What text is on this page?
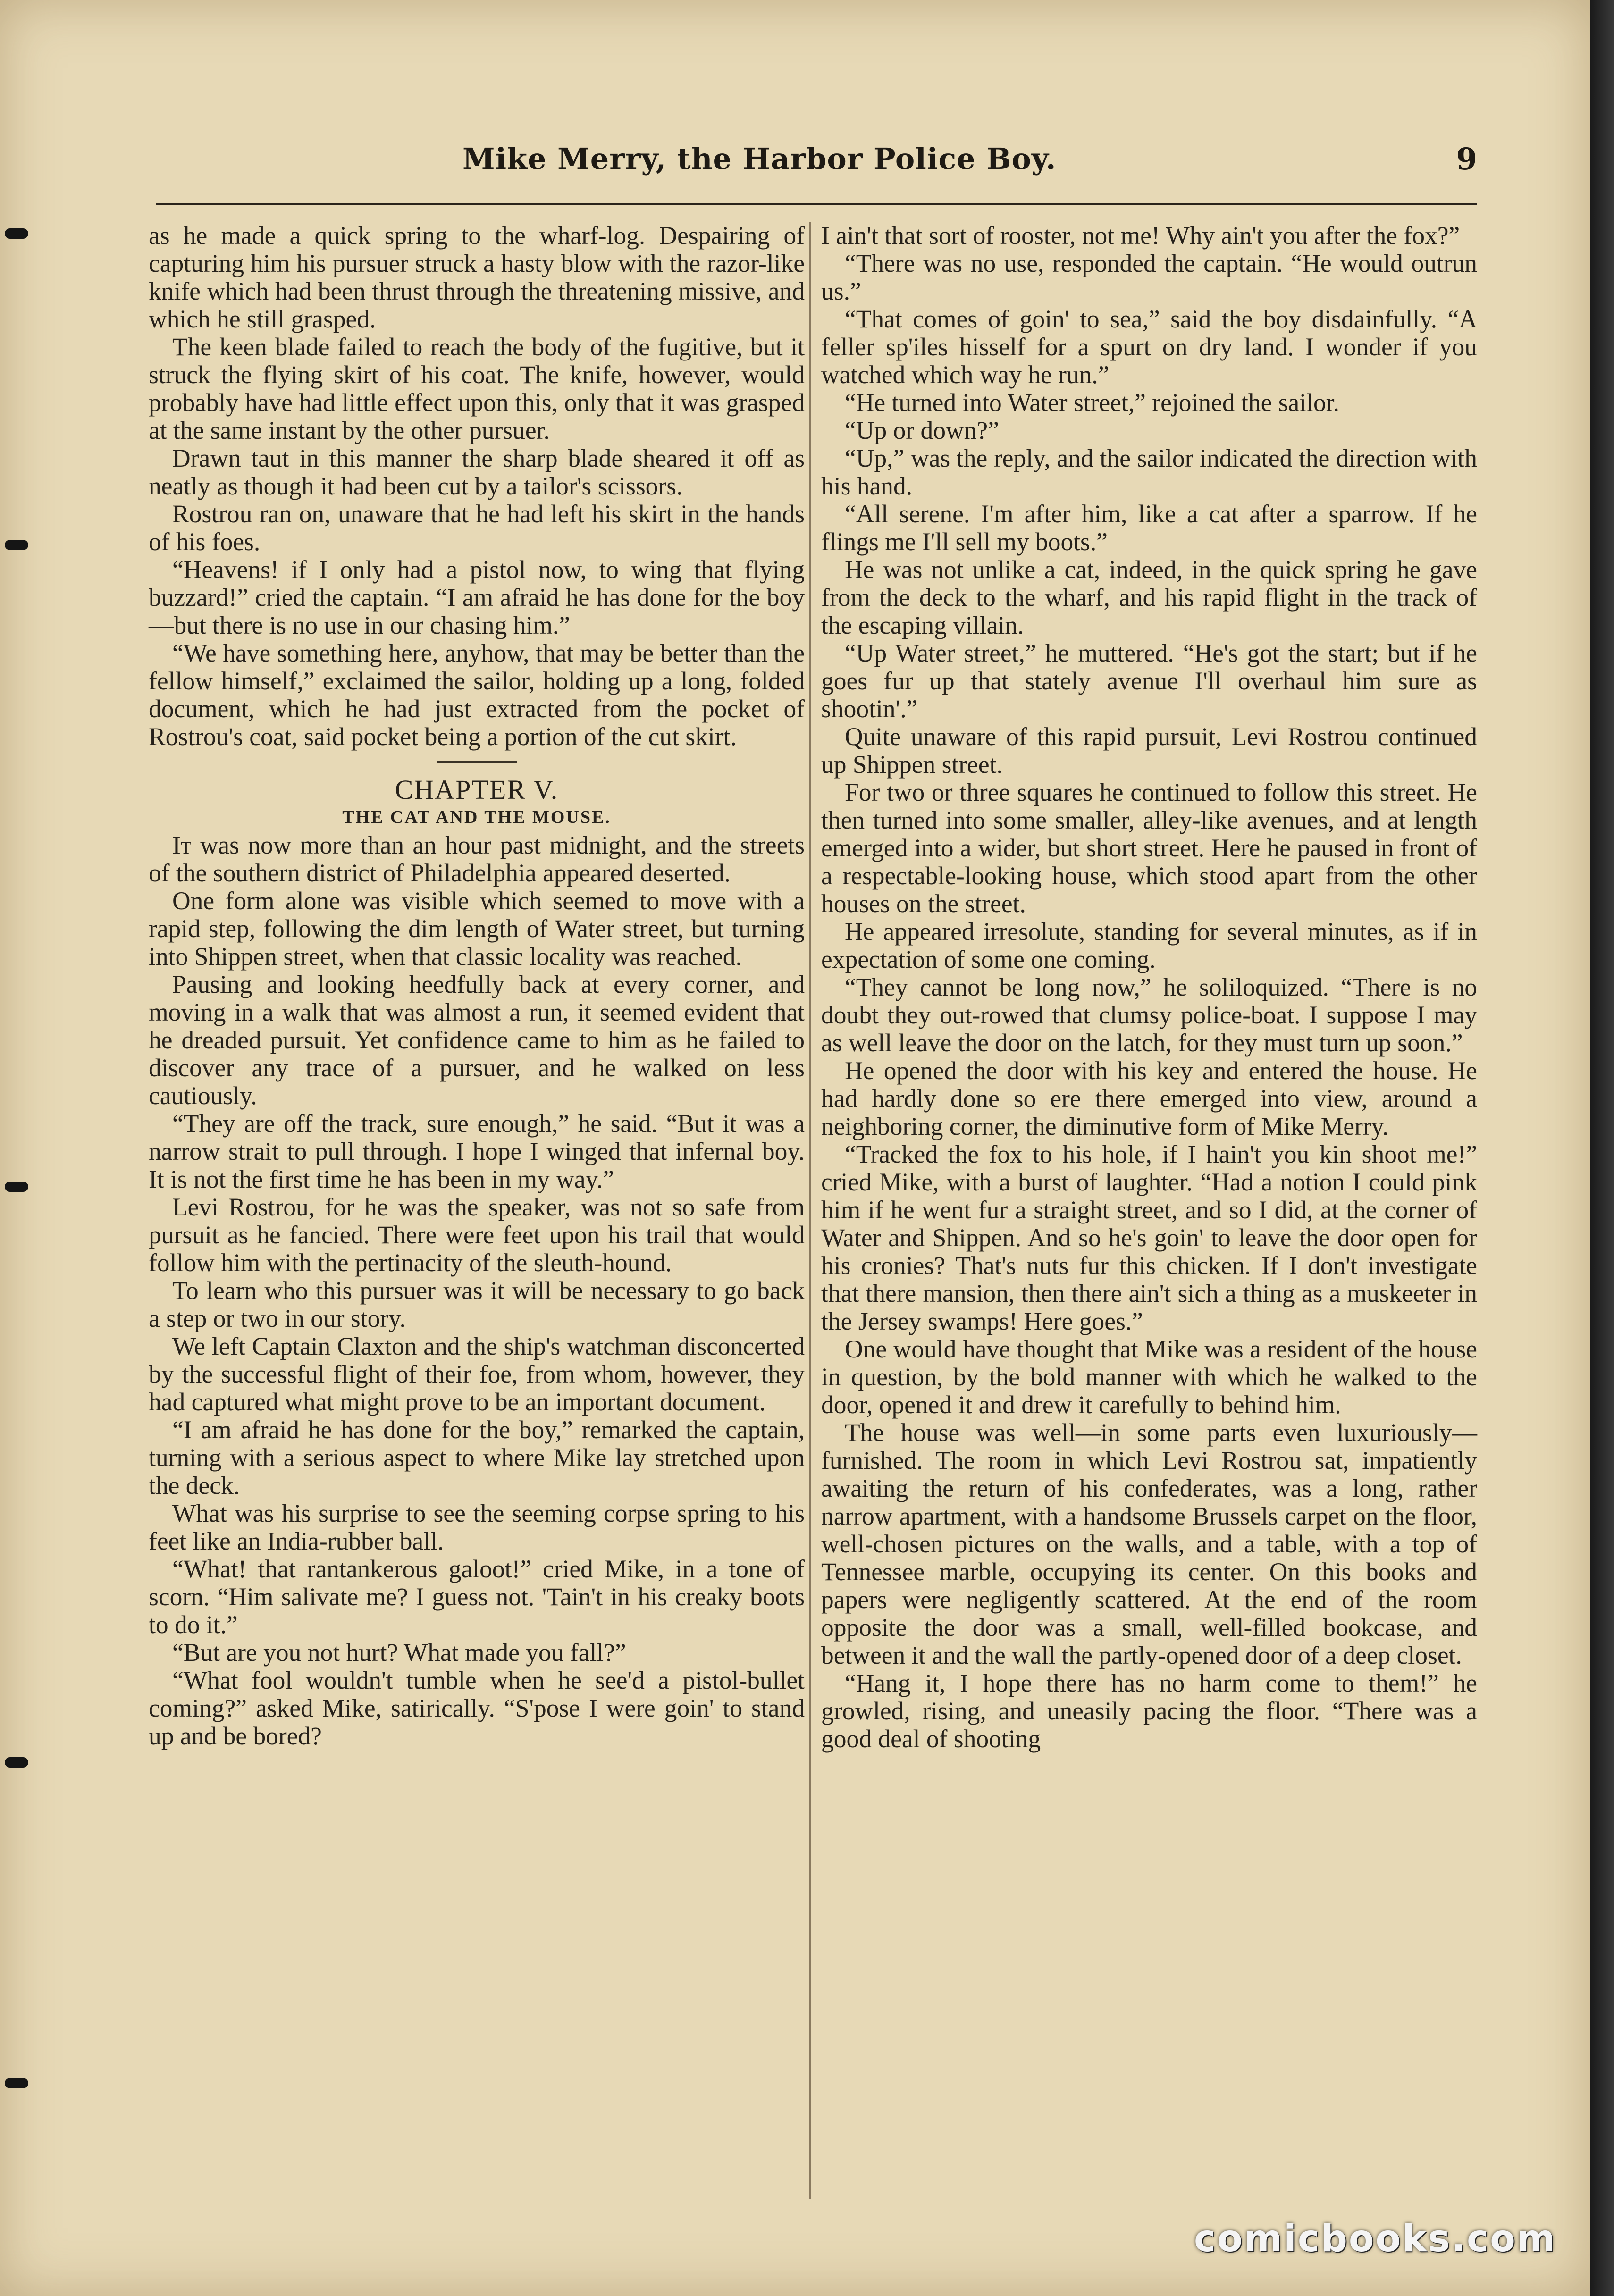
Mike Merry, the Harbor Police Boy.	9

as he made a quick spring to the wharf-log. Despairing of capturing him his pursuer struck a hasty blow with the razor-like knife which had been thrust through the threatening missive, and which he still grasped.

The keen blade failed to reach the body of the fugitive, but it struck the flying skirt of his coat. The knife, however, would probably have had little effect upon this, only that it was grasped at the same instant by the other pursuer.

Drawn taut in this manner the sharp blade sheared it off as neatly as though it had been cut by a tailor's scissors.

Rostrou ran on, unaware that he had left his skirt in the hands of his foes.

“Heavens! if I only had a pistol now, to wing that flying buzzard!” cried the captain. “I am afraid he has done for the boy—but there is no use in our chasing him.”

“We have something here, anyhow, that may be better than the fellow himself,” exclaimed the sailor, holding up a long, folded document, which he had just extracted from the pocket of Rostrou's coat, said pocket being a portion of the cut skirt.

CHAPTER V.

THE CAT AND THE MOUSE.

It was now more than an hour past midnight, and the streets of the southern district of Philadelphia appeared deserted.

One form alone was visible which seemed to move with a rapid step, following the dim length of Water street, but turning into Shippen street, when that classic locality was reached.

Pausing and looking heedfully back at every corner, and moving in a walk that was almost a run, it seemed evident that he dreaded pursuit. Yet confidence came to him as he failed to discover any trace of a pursuer, and he walked on less cautiously.

“They are off the track, sure enough,” he said. “But it was a narrow strait to pull through. I hope I winged that infernal boy. It is not the first time he has been in my way.”

Levi Rostrou, for he was the speaker, was not so safe from pursuit as he fancied. There were feet upon his trail that would follow him with the pertinacity of the sleuth-hound.

To learn who this pursuer was it will be necessary to go back a step or two in our story.

We left Captain Claxton and the ship's watchman disconcerted by the successful flight of their foe, from whom, however, they had captured what might prove to be an important document.

“I am afraid he has done for the boy,” remarked the captain, turning with a serious aspect to where Mike lay stretched upon the deck.

What was his surprise to see the seeming corpse spring to his feet like an India-rubber ball.

“What! that rantankerous galoot!” cried Mike, in a tone of scorn. “Him salivate me? I guess not. 'Tain't in his creaky boots to do it.”

“But are you not hurt? What made you fall?”

“What fool wouldn't tumble when he see'd a pistol-bullet coming?” asked Mike, satirically. “S'pose I were goin' to stand up and be bored?

I ain't that sort of rooster, not me! Why ain't you after the fox?”

“There was no use, responded the captain. “He would outrun us.”

“That comes of goin' to sea,” said the boy disdainfully. “A feller sp'iles hisself for a spurt on dry land. I wonder if you watched which way he run.”

“He turned into Water street,” rejoined the sailor.

“Up or down?”

“Up,” was the reply, and the sailor indicated the direction with his hand.

“All serene. I'm after him, like a cat after a sparrow. If he flings me I'll sell my boots.”

He was not unlike a cat, indeed, in the quick spring he gave from the deck to the wharf, and his rapid flight in the track of the escaping villain.

“Up Water street,” he muttered. “He's got the start; but if he goes fur up that stately avenue I'll overhaul him sure as shootin'.”

Quite unaware of this rapid pursuit, Levi Rostrou continued up Shippen street.

For two or three squares he continued to follow this street. He then turned into some smaller, alley-like avenues, and at length emerged into a wider, but short street. Here he paused in front of a respectable-looking house, which stood apart from the other houses on the street.

He appeared irresolute, standing for several minutes, as if in expectation of some one coming.

“They cannot be long now,” he soliloquized. “There is no doubt they out-rowed that clumsy police-boat. I suppose I may as well leave the door on the latch, for they must turn up soon.”

He opened the door with his key and entered the house. He had hardly done so ere there emerged into view, around a neighboring corner, the diminutive form of Mike Merry.

“Tracked the fox to his hole, if I hain't you kin shoot me!” cried Mike, with a burst of laughter. “Had a notion I could pink him if he went fur a straight street, and so I did, at the corner of Water and Shippen. And so he's goin' to leave the door open for his cronies? That's nuts fur this chicken. If I don't investigate that there mansion, then there ain't sich a thing as a muskeeter in the Jersey swamps! Here goes.”

One would have thought that Mike was a resident of the house in question, by the bold manner with which he walked to the door, opened it and drew it carefully to behind him.

The house was well—in some parts even luxuriously—furnished. The room in which Levi Rostrou sat, impatiently awaiting the return of his confederates, was a long, rather narrow apartment, with a handsome Brussels carpet on the floor, well-chosen pictures on the walls, and a table, with a top of Tennessee marble, occupying its center. On this books and papers were negligently scattered. At the end of the room opposite the door was a small, well-filled bookcase, and between it and the wall the partly-opened door of a deep closet.

“Hang it, I hope there has no harm come to them!” he growled, rising, and uneasily pacing the floor. “There was a good deal of shooting

comicbooks.com
